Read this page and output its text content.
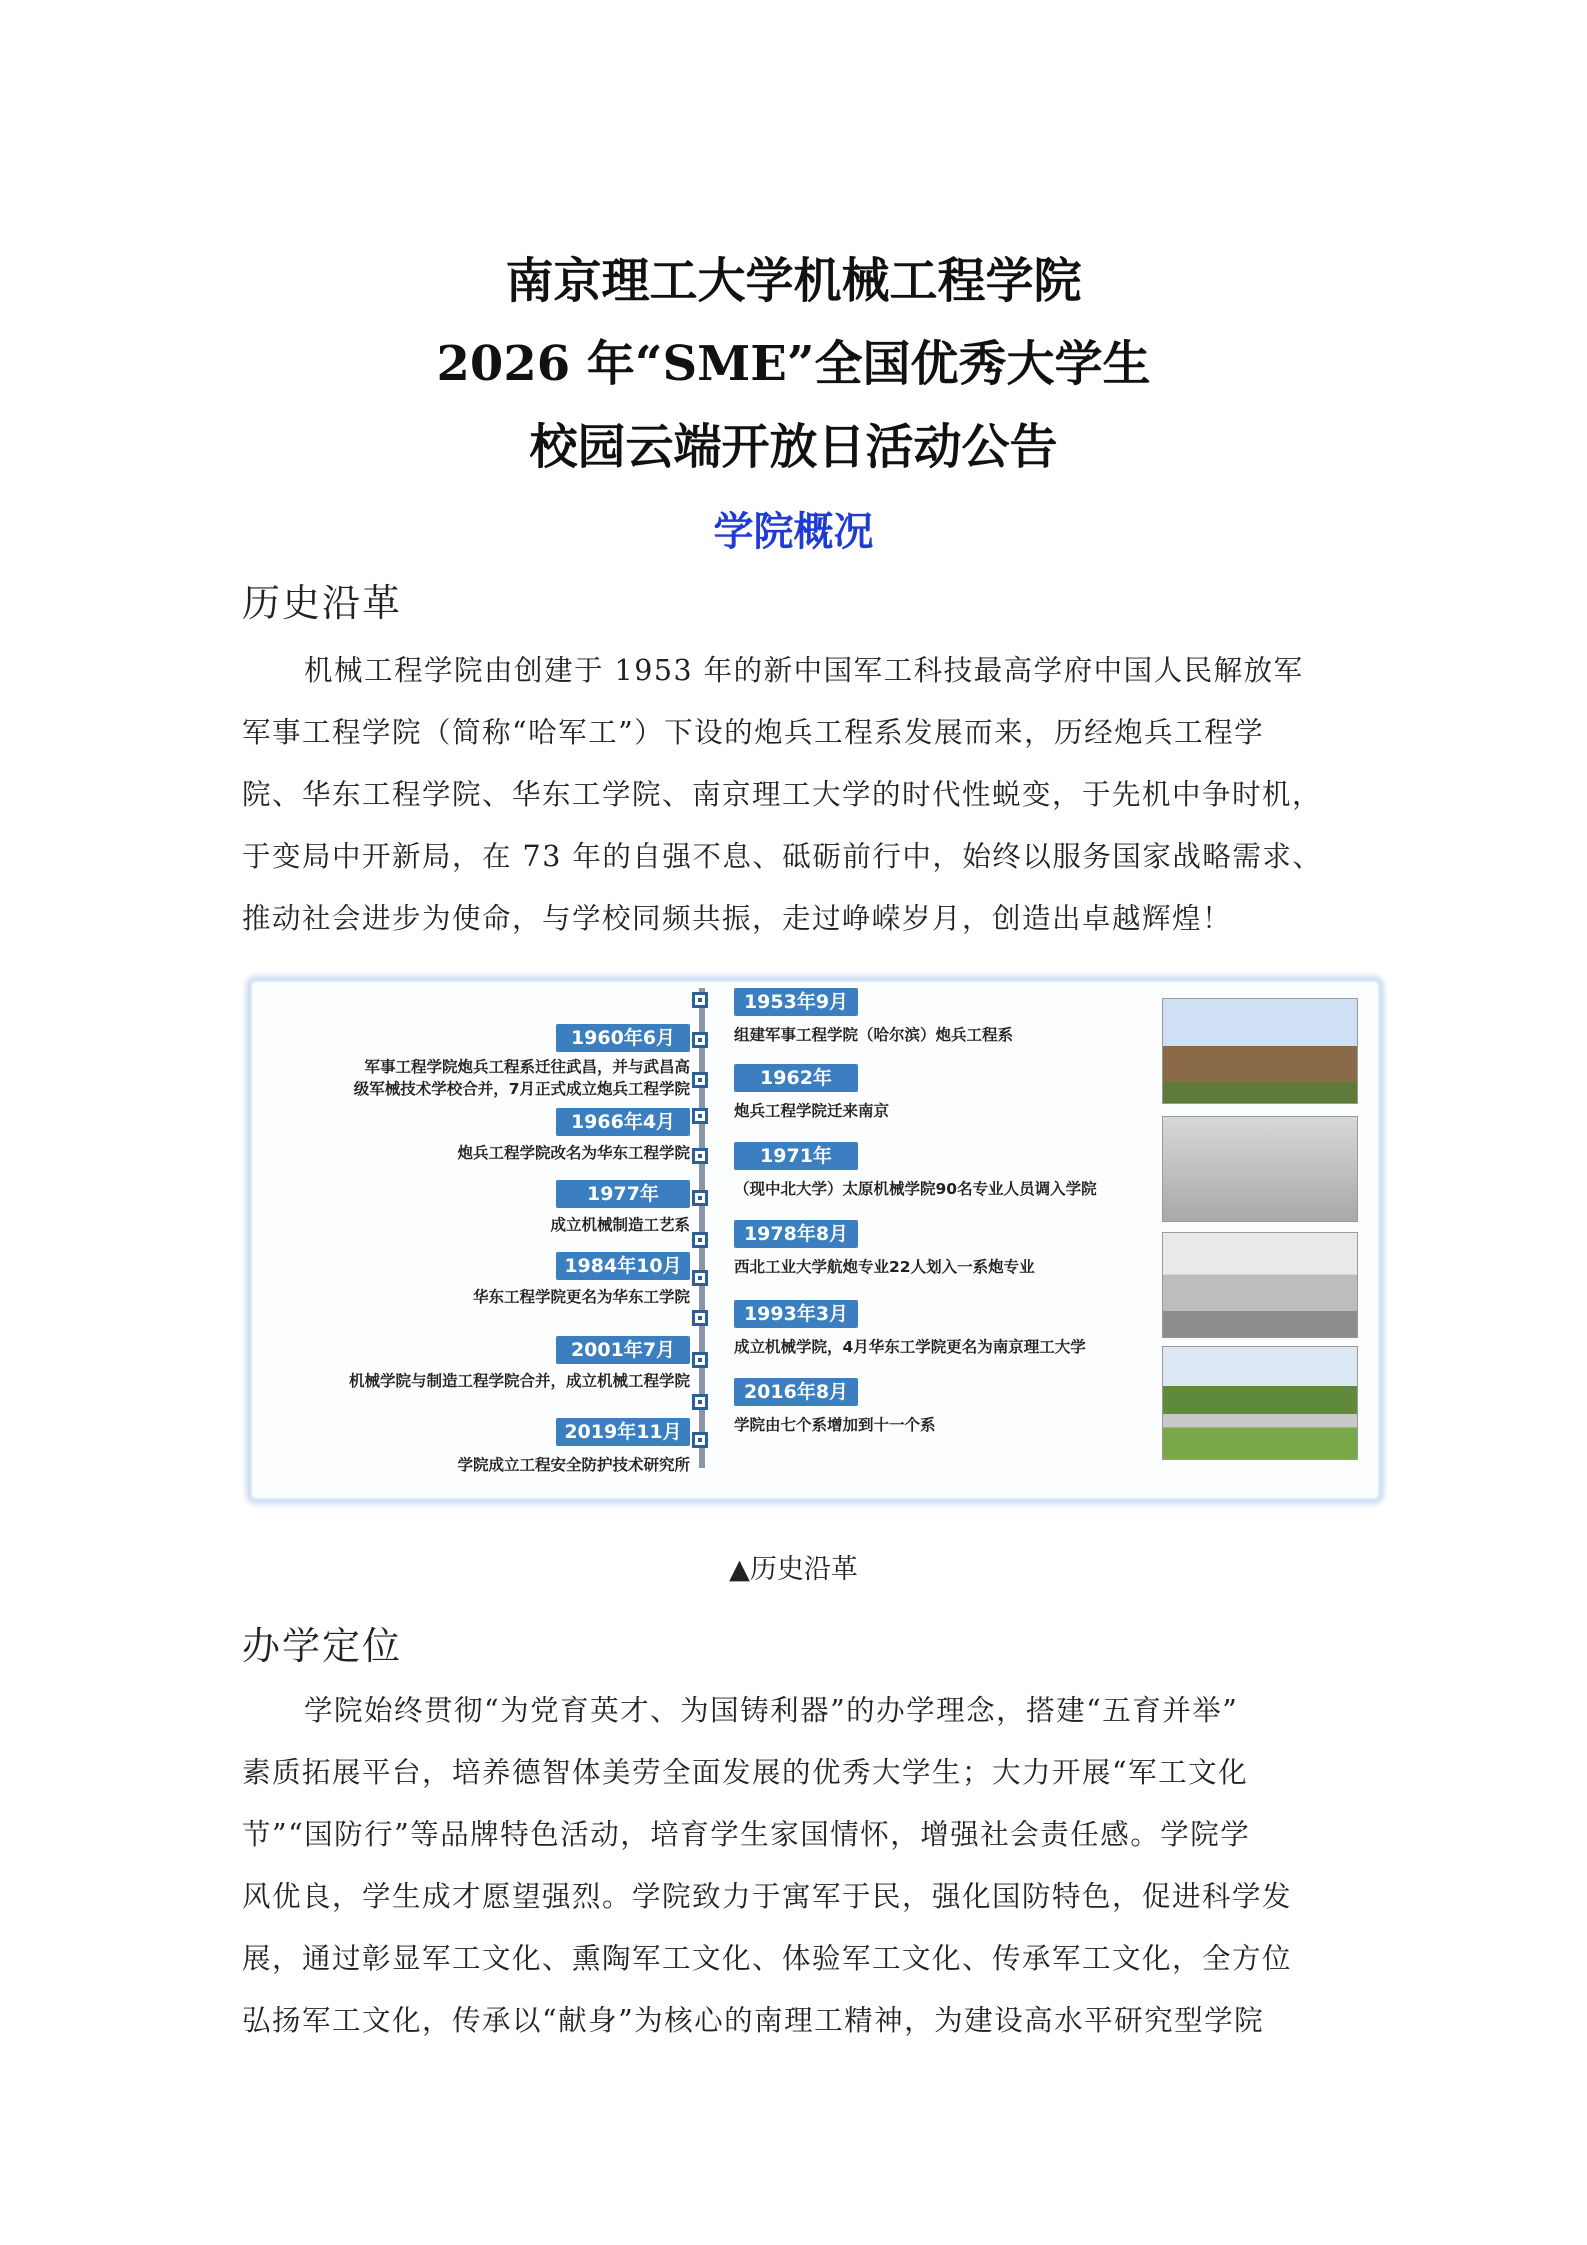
南京理工大学机械工程学院
2026 年“SME”全国优秀大学生
校园云端开放日活动公告
学院概况
历史沿革
机械工程学院由创建于 1953 年的新中国军工科技最高学府中国人民解放军
军事工程学院（简称“哈军工”）下设的炮兵工程系发展而来，历经炮兵工程学
院、华东工程学院、华东工学院、南京理工大学的时代性蜕变，于先机中争时机，
于变局中开新局，在 73 年的自强不息、砥砺前行中，始终以服务国家战略需求、
推动社会进步为使命，与学校同频共振，走过峥嵘岁月，创造出卓越辉煌！
1953年9月
组建军事工程学院（哈尔滨）炮兵工程系
1962年
炮兵工程学院迁来南京
1971年
（现中北大学）太原机械学院90名专业人员调入学院
1978年8月
西北工业大学航炮专业22人划入一系炮专业
1993年3月
成立机械学院，4月华东工学院更名为南京理工大学
2016年8月
学院由七个系增加到十一个系
1960年6月
军事工程学院炮兵工程系迁往武昌，并与武昌高
级军械技术学校合并，7月正式成立炮兵工程学院
1966年4月
炮兵工程学院改名为华东工程学院
1977年
成立机械制造工艺系
1984年10月
华东工程学院更名为华东工学院
2001年7月
机械学院与制造工程学院合并，成立机械工程学院
2019年11月
学院成立工程安全防护技术研究所
▲历史沿革
办学定位
学院始终贯彻“为党育英才、为国铸利器”的办学理念，搭建“五育并举”
素质拓展平台，培养德智体美劳全面发展的优秀大学生；大力开展“军工文化
节”“国防行”等品牌特色活动，培育学生家国情怀，增强社会责任感。学院学
风优良，学生成才愿望强烈。学院致力于寓军于民，强化国防特色，促进科学发
展，通过彰显军工文化、熏陶军工文化、体验军工文化、传承军工文化，全方位
弘扬军工文化，传承以“献身”为核心的南理工精神，为建设高水平研究型学院
